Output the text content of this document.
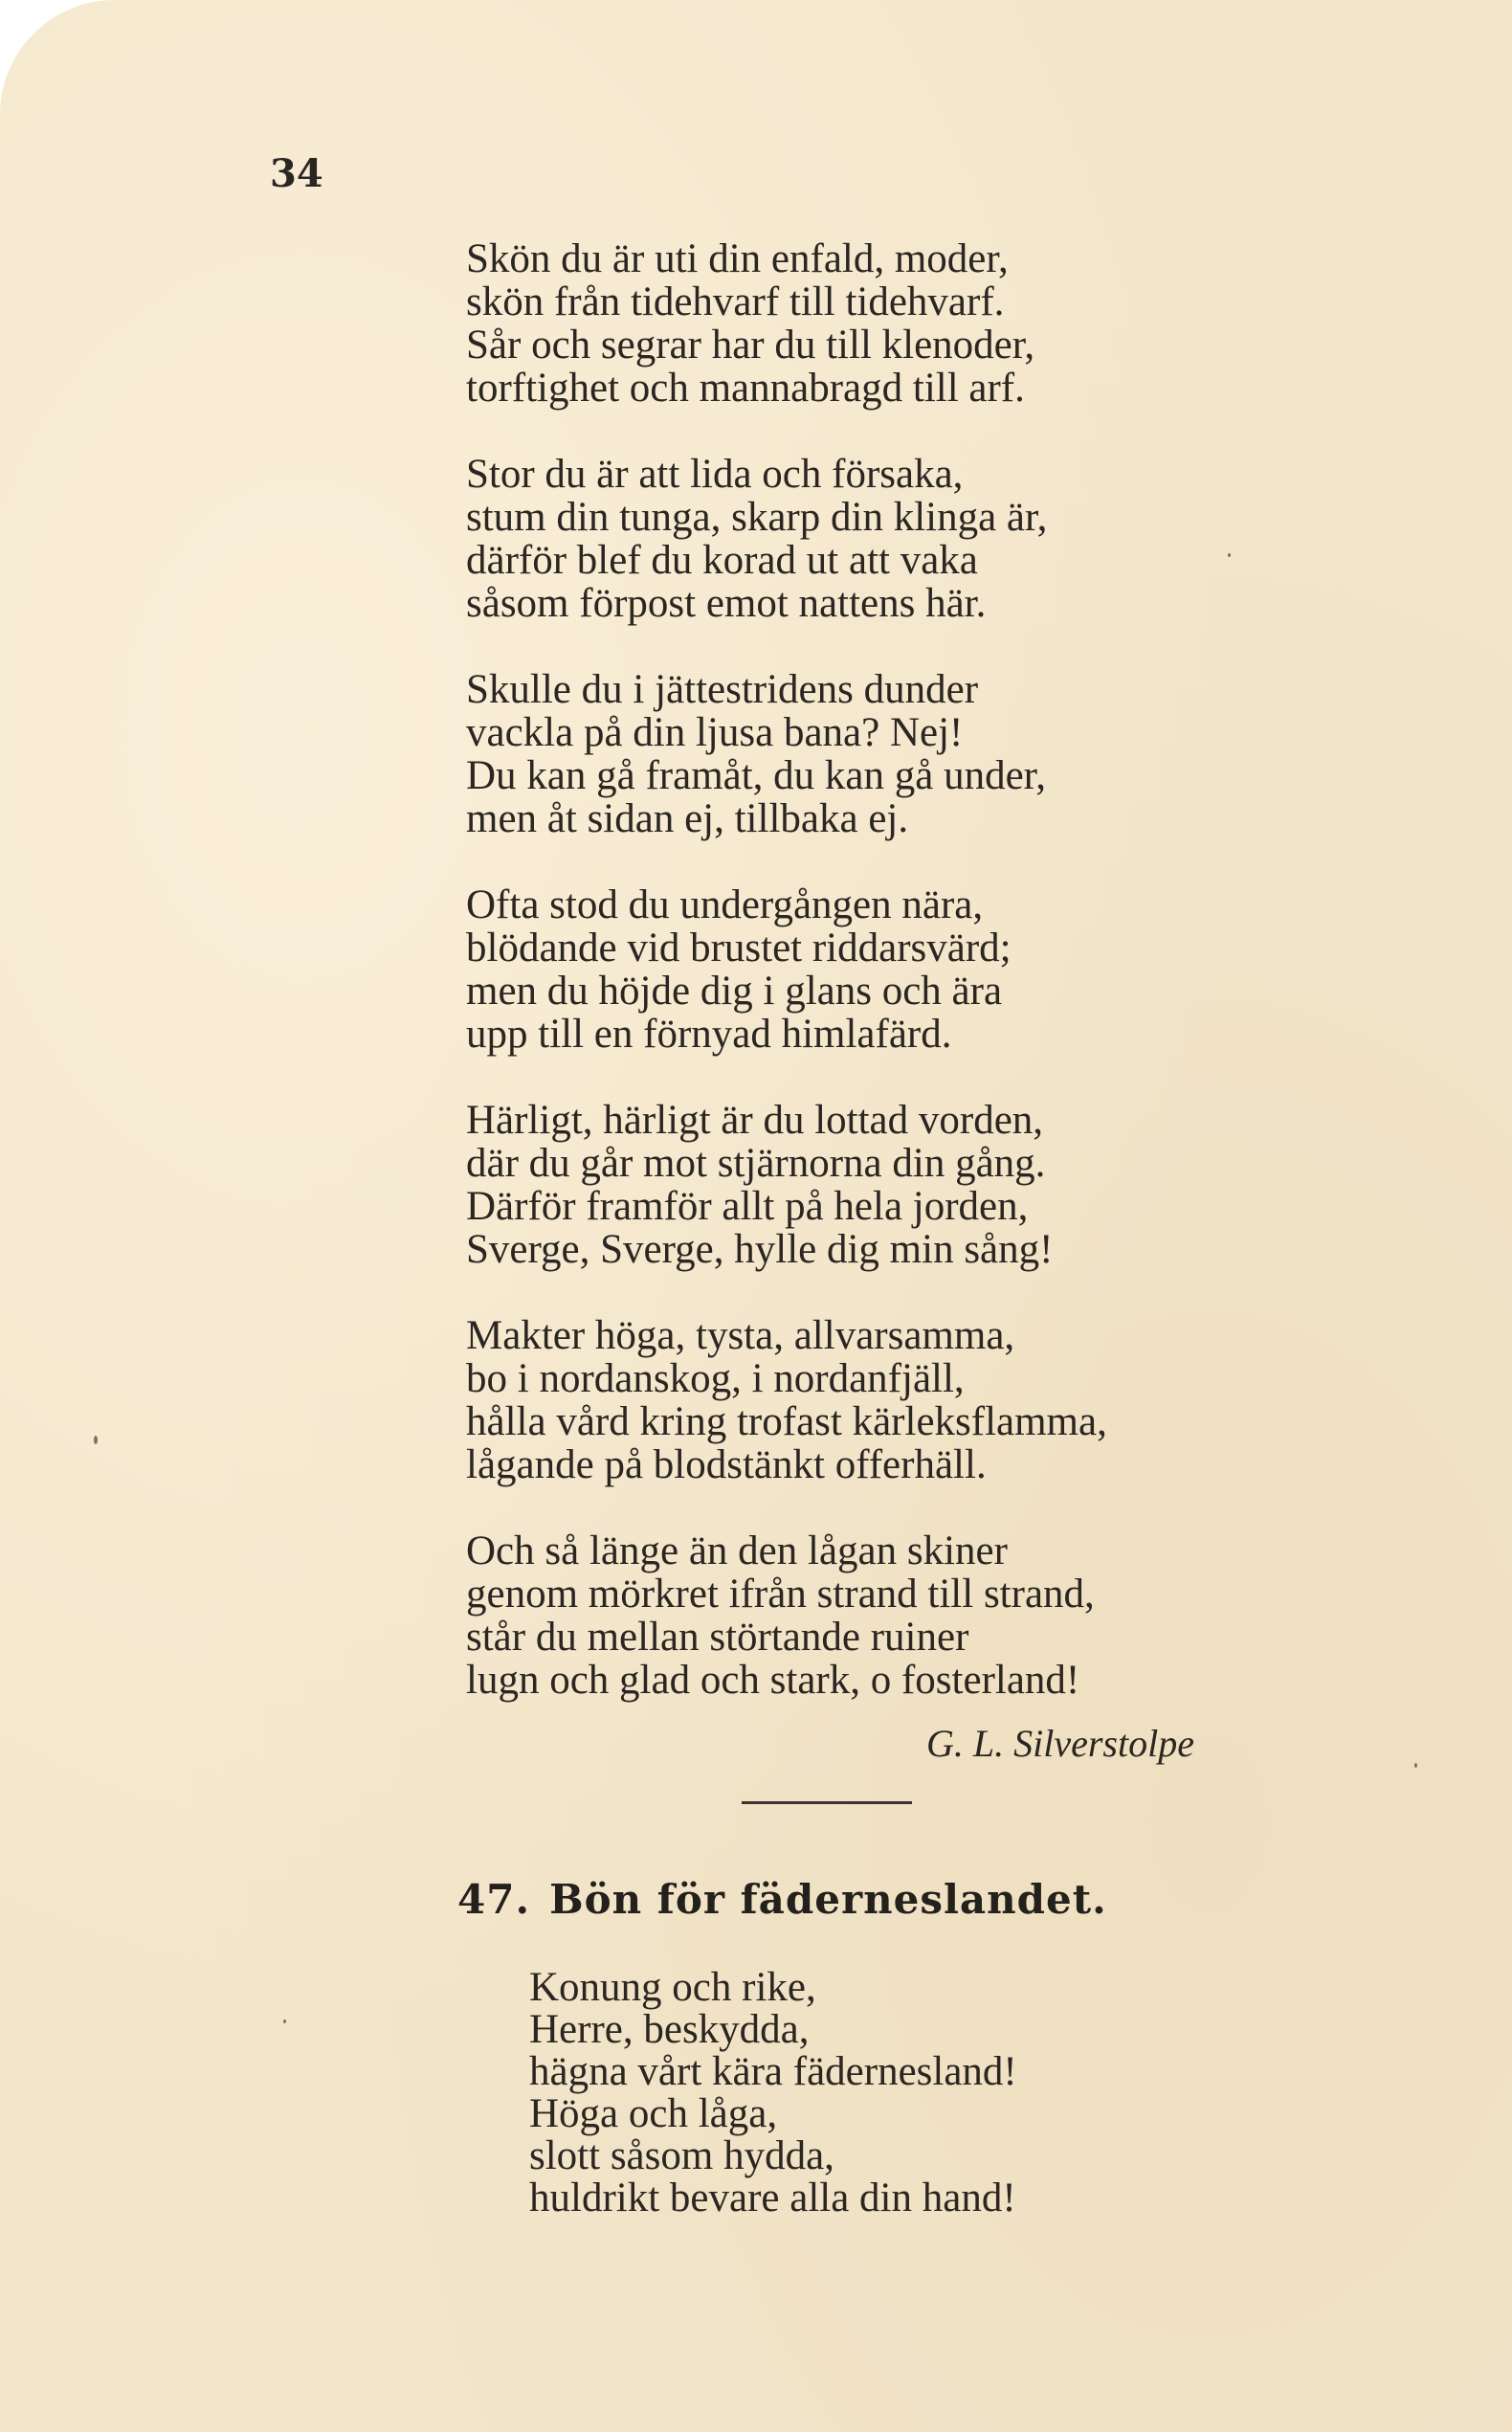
34
Skön du är uti din enfald, moder,
skön från tidehvarf till tidehvarf.
Sår och segrar har du till klenoder,
torftighet och mannabragd till arf.
Stor du är att lida och försaka,
stum din tunga, skarp din klinga är,
därför blef du korad ut att vaka
såsom förpost emot nattens här.
Skulle du i jättestridens dunder
vackla på din ljusa bana? Nej!
Du kan gå framåt, du kan gå under,
men åt sidan ej, tillbaka ej.
Ofta stod du undergången nära,
blödande vid brustet riddarsvärd;
men du höjde dig i glans och ära
upp till en förnyad himlafärd.
Härligt, härligt är du lottad vorden,
där du går mot stjärnorna din gång.
Därför framför allt på hela jorden,
Sverge, Sverge, hylle dig min sång!
Makter höga, tysta, allvarsamma,
bo i nordanskog, i nordanfjäll,
hålla vård kring trofast kärleksflamma,
lågande på blodstänkt offerhäll.
Och så länge än den lågan skiner
genom mörkret ifrån strand till strand,
står du mellan störtande ruiner
lugn och glad och stark, o fosterland!
G. L. Silverstolpe
47. Bön för fäderneslandet.
Konung och rike,
Herre, beskydda,
hägna vårt kära fädernesland!
Höga och låga,
slott såsom hydda,
huldrikt bevare alla din hand!
